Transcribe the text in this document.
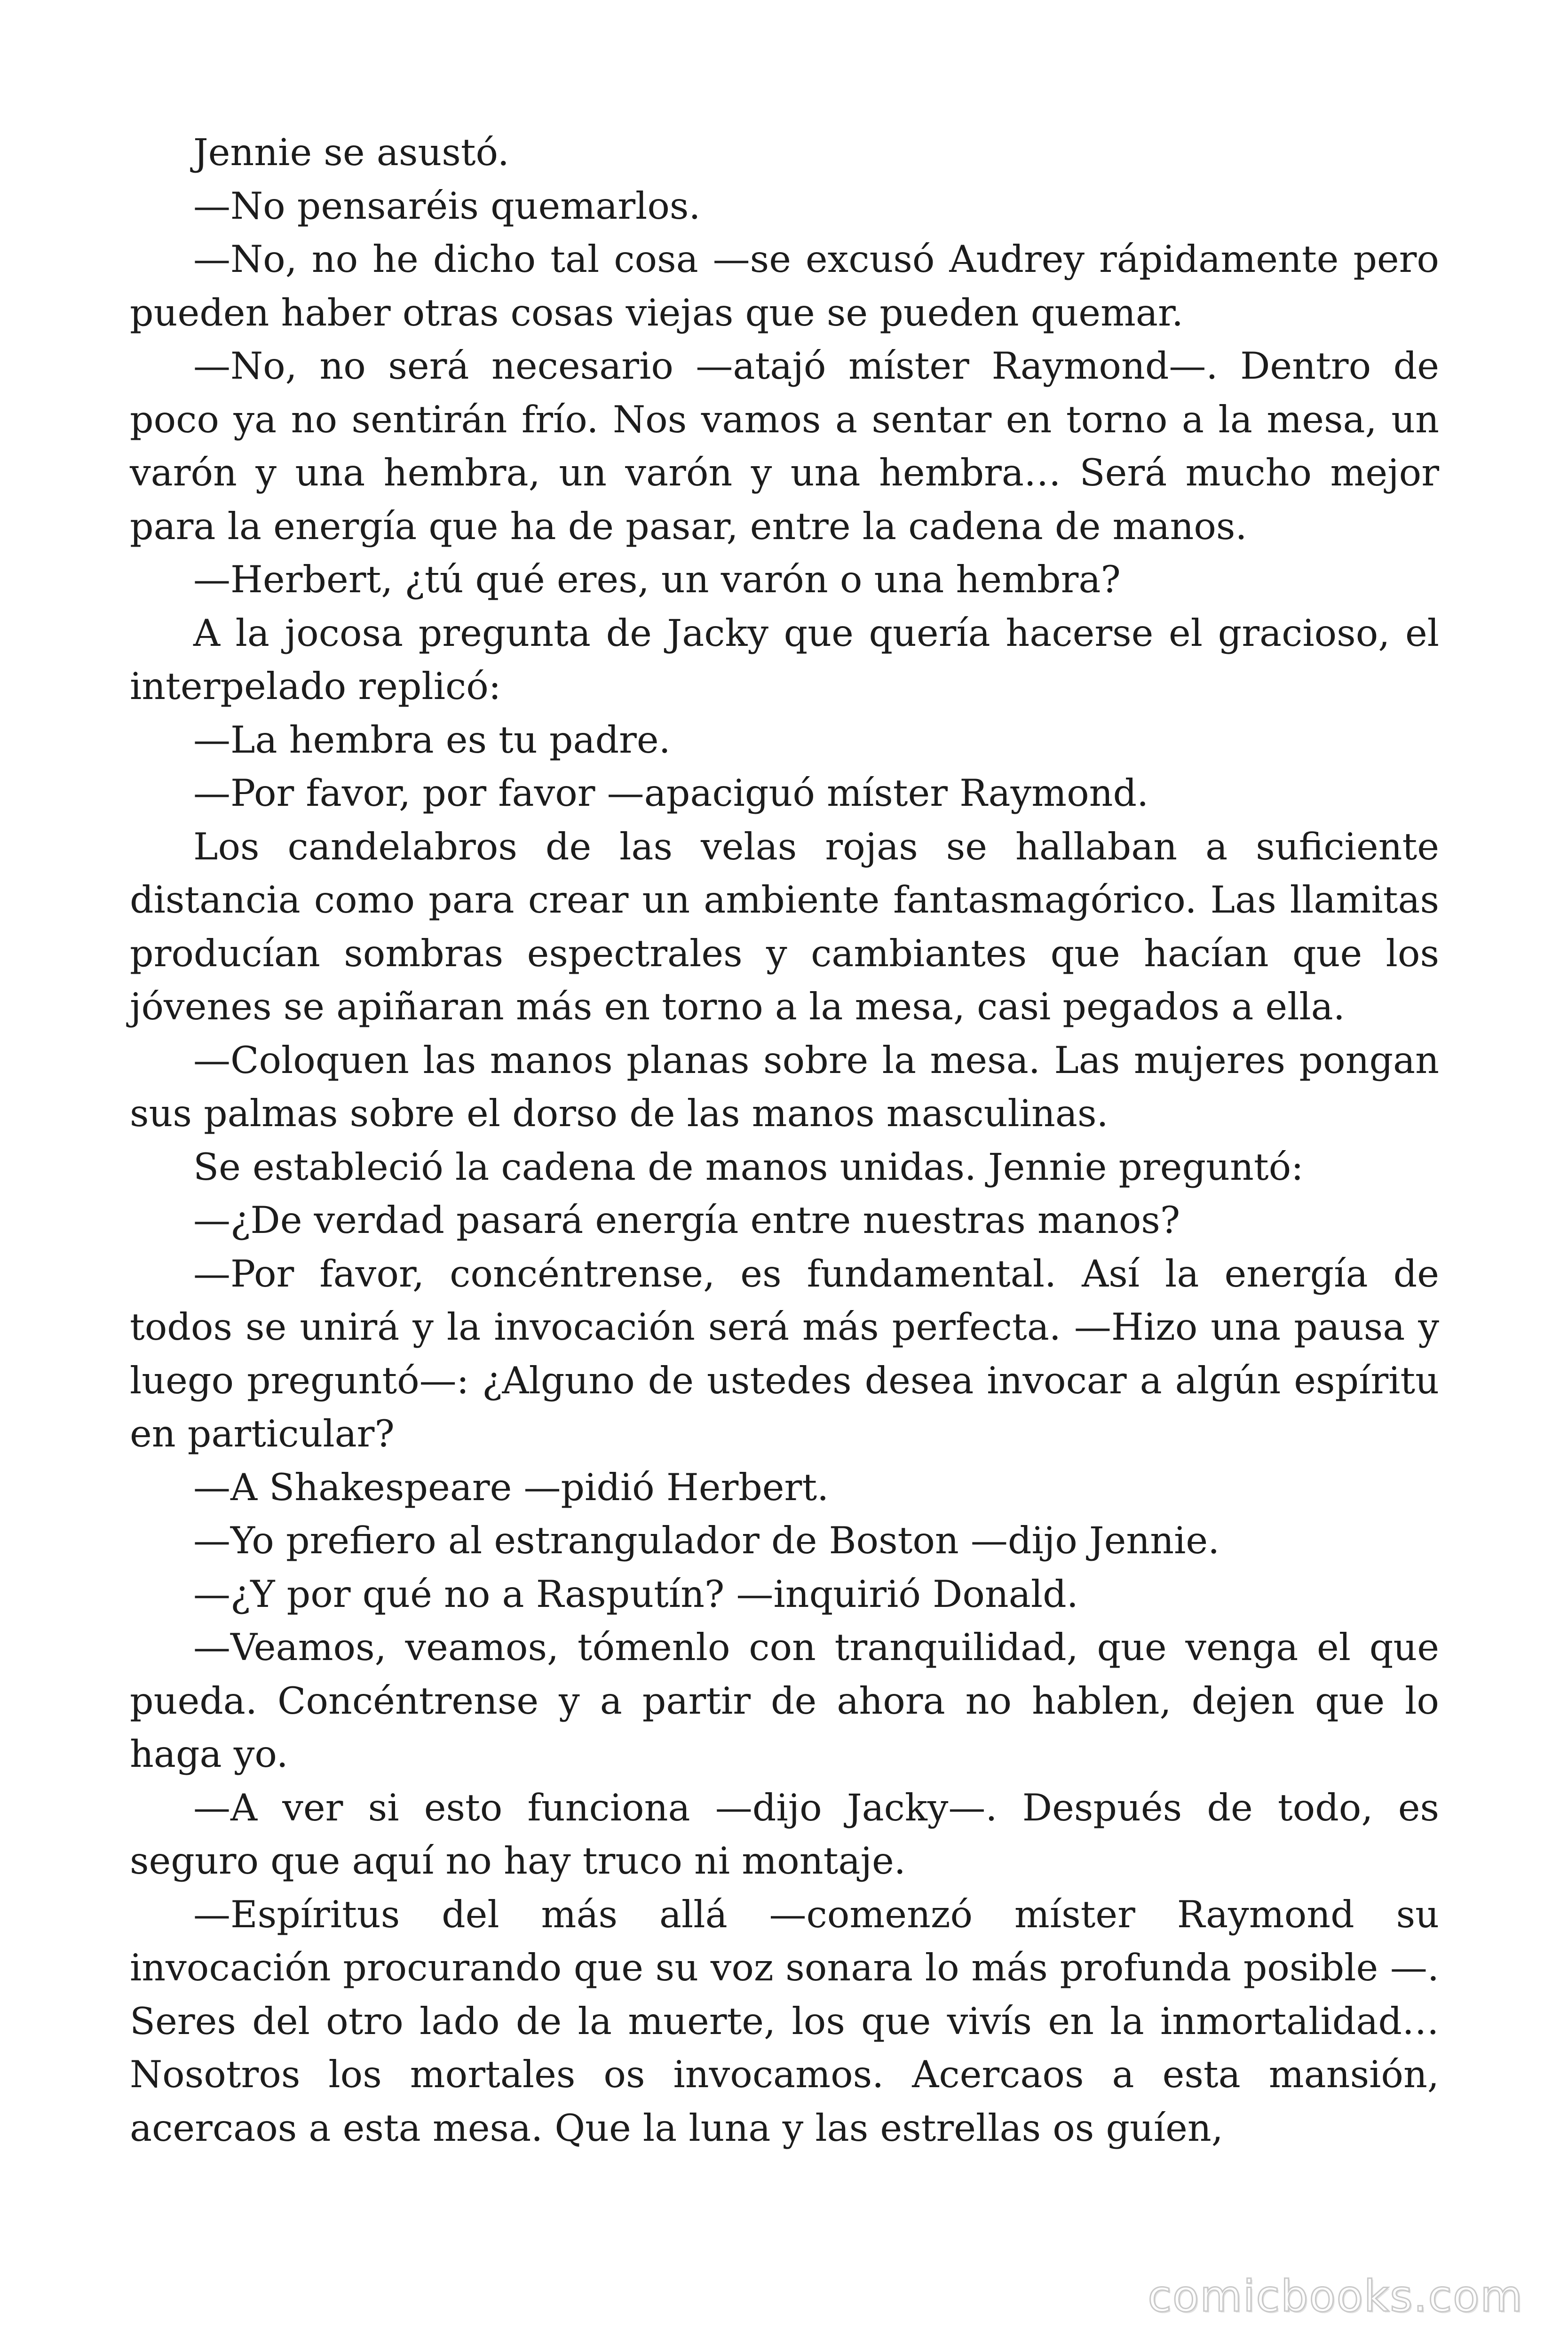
Jennie se asustó.

—No pensaréis quemarlos.

—No, no he dicho tal cosa —se excusó Audrey rápidamente pero pueden haber otras cosas viejas que se pueden quemar.

—No, no será necesario —atajó míster Raymond—. Dentro de poco ya no sentirán frío. Nos vamos a sentar en torno a la mesa, un varón y una hembra, un varón y una hembra… Será mucho mejor para la energía que ha de pasar, entre la cadena de manos.

—Herbert, ¿tú qué eres, un varón o una hembra?

A la jocosa pregunta de Jacky que quería hacerse el gracioso, el interpelado replicó:

—La hembra es tu padre.

—Por favor, por favor —apaciguó míster Raymond.

Los candelabros de las velas rojas se hallaban a suficiente distancia como para crear un ambiente fantasmagórico. Las llamitas producían sombras espectrales y cambiantes que hacían que los jóvenes se apiñaran más en torno a la mesa, casi pegados a ella.

—Coloquen las manos planas sobre la mesa. Las mujeres pongan sus palmas sobre el dorso de las manos masculinas.

Se estableció la cadena de manos unidas. Jennie preguntó:

—¿De verdad pasará energía entre nuestras manos?

—Por favor, concéntrense, es fundamental. Así la energía de todos se unirá y la invocación será más perfecta. —Hizo una pausa y luego preguntó—: ¿Alguno de ustedes desea invocar a algún espíritu en particular?

—A Shakespeare —pidió Herbert.

—Yo prefiero al estrangulador de Boston —dijo Jennie.

—¿Y por qué no a Rasputín? —inquirió Donald.

—Veamos, veamos, tómenlo con tranquilidad, que venga el que pueda. Concéntrense y a partir de ahora no hablen, dejen que lo haga yo.

—A ver si esto funciona —dijo Jacky—. Después de todo, es seguro que aquí no hay truco ni montaje.

—Espíritus del más allá —comenzó míster Raymond su invocación procurando que su voz sonara lo más profunda posible —. Seres del otro lado de la muerte, los que vivís en la inmortalidad… Nosotros los mortales os invocamos. Acercaos a esta mansión, acercaos a esta mesa. Que la luna y las estrellas os guíen,

comicbooks.com
